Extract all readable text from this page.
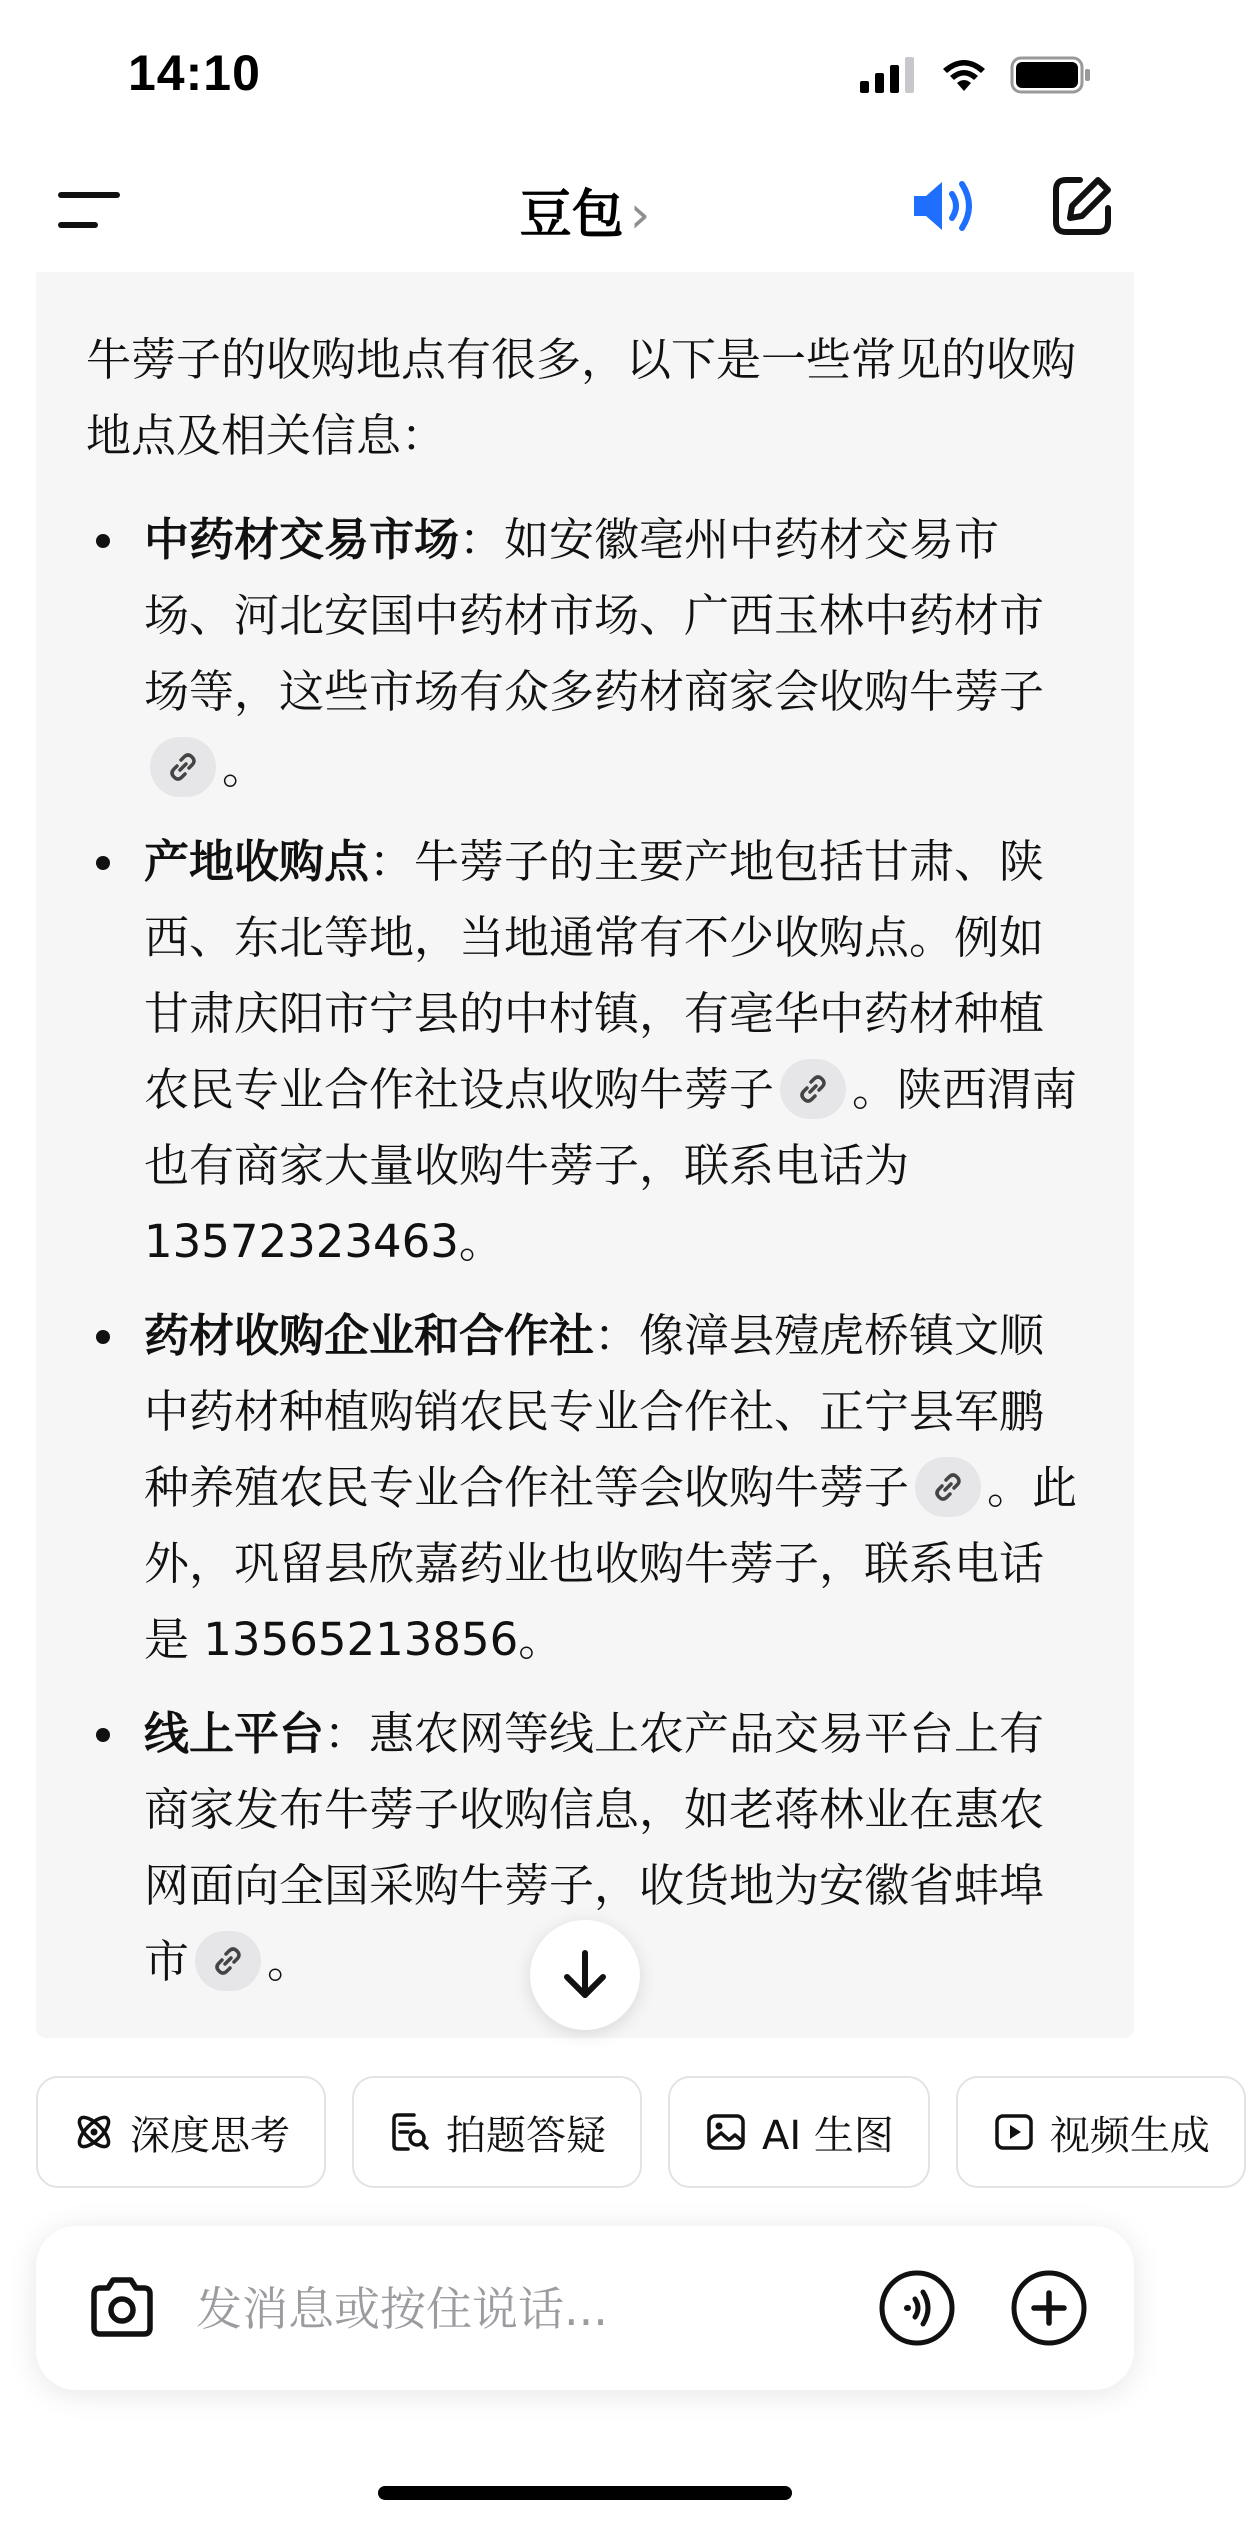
14:10
豆包 ›

牛蒡子的收购地点有很多，以下是一些常见的收购地点及相关信息：

中药材交易市场：如安徽亳州中药材交易市场、河北安国中药材市场、广西玉林中药材市场等，这些市场有众多药材商家会收购牛蒡子
。
产地收购点：牛蒡子的主要产地包括甘肃、陕西、东北等地，当地通常有不少收购点。例如甘肃庆阳市宁县的中村镇，有亳华中药材种植农民专业合作社设点收购牛蒡子 。陕西渭南也有商家大量收购牛蒡子，联系电话为 13572323463。
药材收购企业和合作社：像漳县殪虎桥镇文顺中药材种植购销农民专业合作社、正宁县军鹏种养殖农民专业合作社等会收购牛蒡子 。此外，巩留县欣嘉药业也收购牛蒡子，联系电话是 13565213856。
线上平台：惠农网等线上农产品交易平台上有商家发布牛蒡子收购信息，如老蒋林业在惠农网面向全国采购牛蒡子，收货地为安徽省蚌埠市 。
深度思考	拍题答疑	AI 生图	视频生成
发消息或按住说话...
